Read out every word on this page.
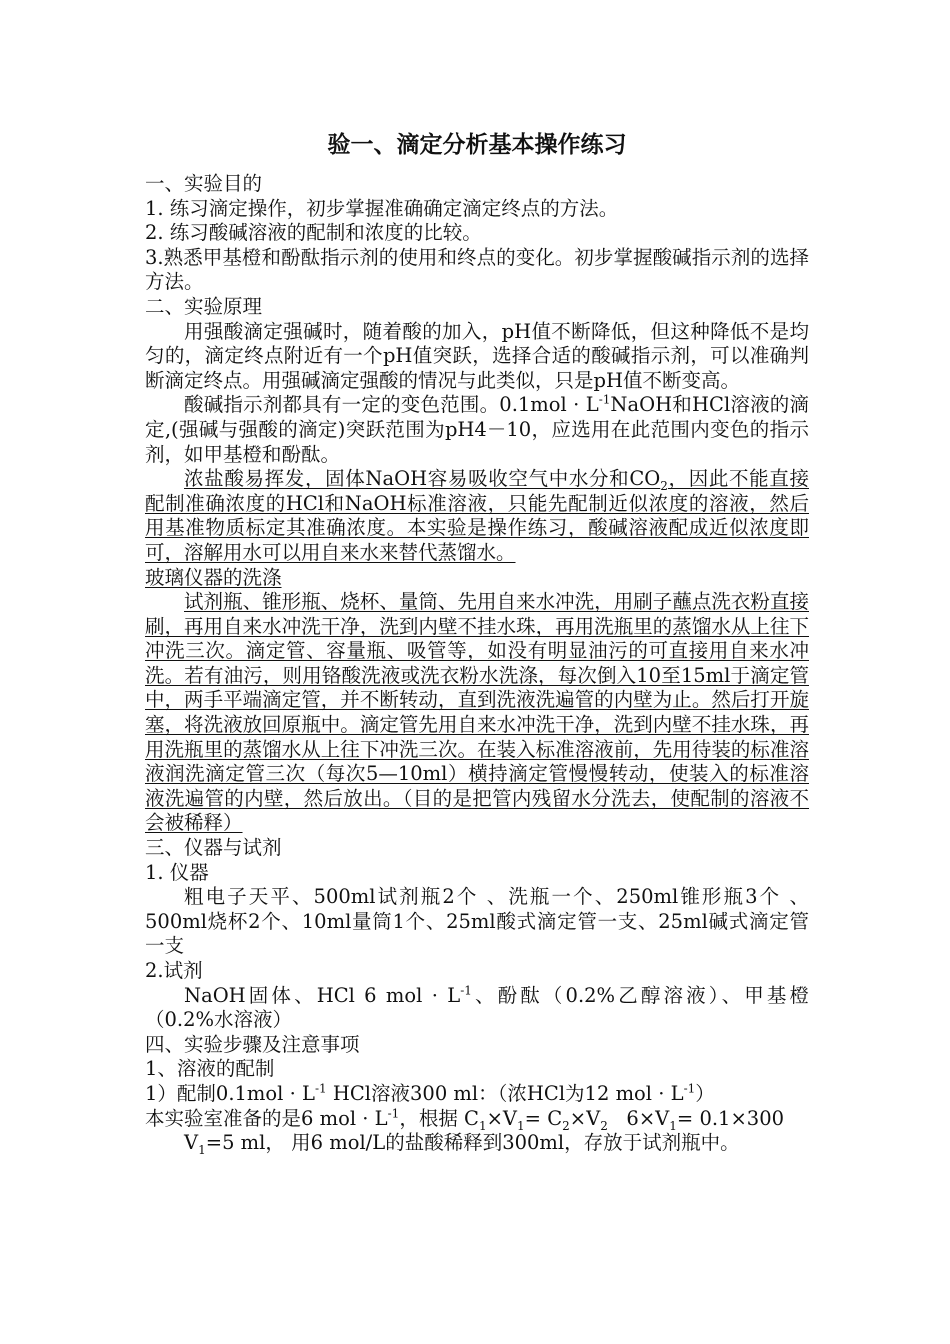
验一、滴定分析基本操作练习
一、实验目的
1. 练习滴定操作，初步掌握准确确定滴定终点的方法。
2. 练习酸碱溶液的配制和浓度的比较。
3.熟悉甲基橙和酚酞指示剂的使用和终点的变化。初步掌握酸碱指示剂的选择方法。
二、实验原理
用强酸滴定强碱时，随着酸的加入，pH值不断降低，但这种降低不是均匀的，滴定终点附近有一个pH值突跃，选择合适的酸碱指示剂，可以准确判断滴定终点。用强碱滴定强酸的情况与此类似，只是pH值不断变高。
酸碱指示剂都具有一定的变色范围。$0.1mol \cdot L^{-1}NaOH$和HCl溶液的滴定,(强碱与强酸的滴定)突跃范围为pH4－10，应选用在此范围内变色的指示剂，如甲基橙和酚酞。
浓盐酸易挥发，固体NaOH容易吸收空气中水分和$CO_2$，因此不能直接配制准确浓度的HCl和NaOH标准溶液，只能先配制近似浓度的溶液，然后用基准物质标定其准确浓度。本实验是操作练习，酸碱溶液配成近似浓度即可，溶解用水可以用自来水来替代蒸馏水。
玻璃仪器的洗涤
试剂瓶、锥形瓶、烧杯、量筒、先用自来水冲洗，用刷子蘸点洗衣粉直接刷，再用自来水冲洗干净，洗到内壁不挂水珠，再用洗瓶里的蒸馏水从上往下冲洗三次。滴定管、容量瓶、吸管等，如没有明显油污的可直接用自来水冲洗。若有油污，则用铬酸洗液或洗衣粉水洗涤，每次倒入10至15ml于滴定管中，两手平端滴定管，并不断转动，直到洗液洗遍管的内壁为止。然后打开旋塞，将洗液放回原瓶中。滴定管先用自来水冲洗干净，洗到内壁不挂水珠，再用洗瓶里的蒸馏水从上往下冲洗三次。在装入标准溶液前，先用待装的标准溶液润洗滴定管三次（每次5—10ml）横持滴定管慢慢转动，使装入的标准溶液洗遍管的内壁，然后放出。（目的是把管内残留水分洗去，使配制的溶液不会被稀释）
三、仪器与试剂
1. 仪器
粗电子天平、500ml试剂瓶2个 、洗瓶一个、250ml锥形瓶3个 、500ml烧杯2个、10ml量筒1个、25ml酸式滴定管一支、25ml碱式滴定管一支
2.试剂
NaOH固体、HCl 6 mol · $L^{-1}$、酚酞（0.2%乙醇溶液）、甲基橙（0.2%水溶液）
四、实验步骤及注意事项
1、溶液的配制
1）配制$0.1mol \cdot L^{-1}$ HCl溶液300 ml：（浓HCl为12 mol · $L^{-1}$）
本实验室准备的是6 mol · $L^{-1}$，根据 $C_1\times V_1= C_2\times V_2$   $6\times V_1= 0.1\times 300$
$V_1=5$ ml， 用6 mol/L的盐酸稀释到300ml，存放于试剂瓶中。
